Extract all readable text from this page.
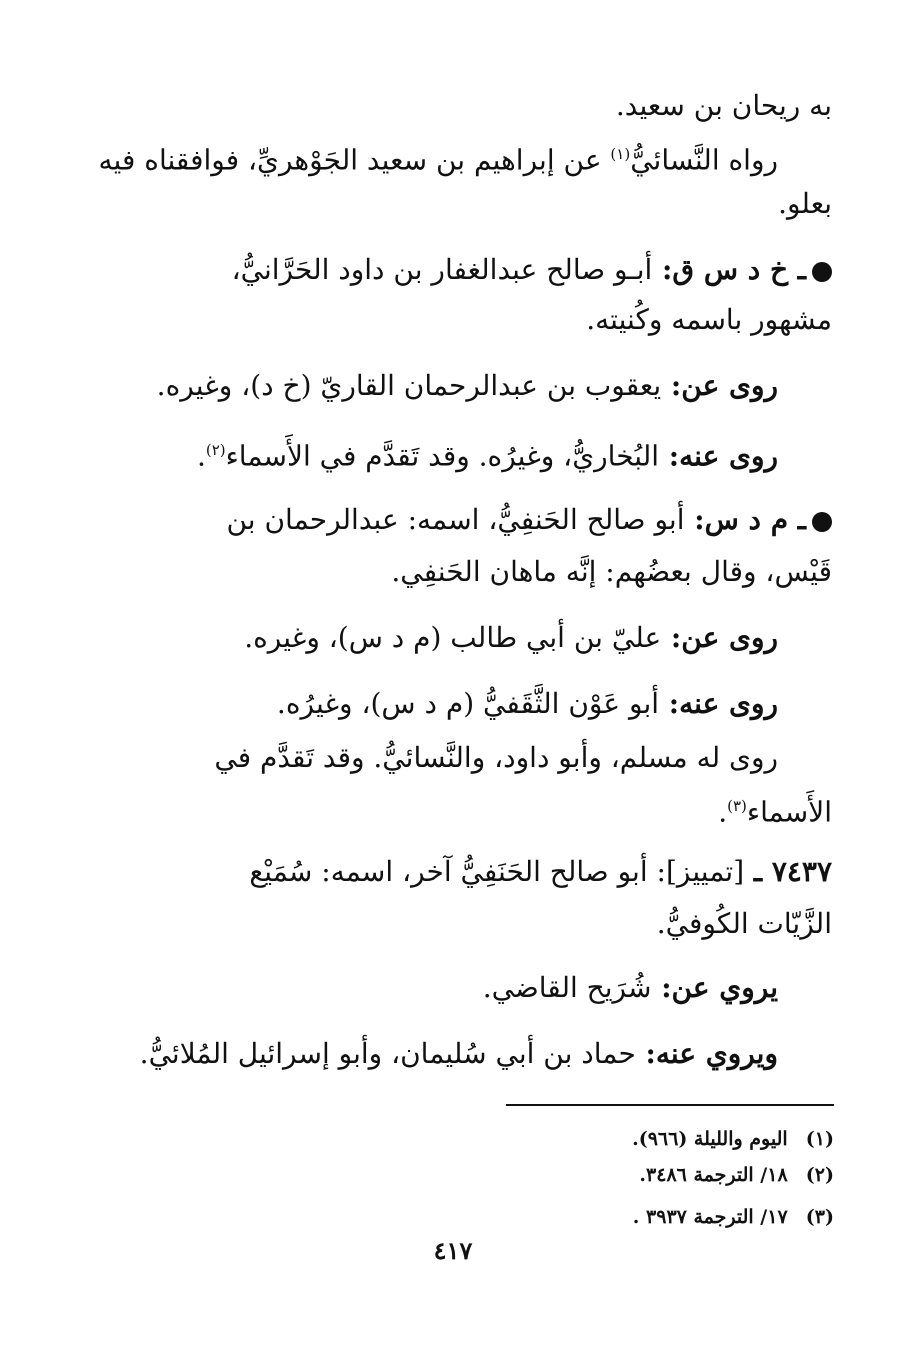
به ريحان بن سعيد.
رواه النَّسائيُّ$^{(١)}$ عن إبراهيم بن سعيد الجَوْهريِّ، فوافقناه فيه
بعلو.
ـ خ د س ق: أبـو صالح عبدالغفار بن داود الحَرَّانيُّ،
مشهور باسمه وكُنيته.
روى عن: يعقوب بن عبدالرحمان القاريّ (خ د)، وغيره.
روى عنه: البُخاريُّ، وغيرُه. وقد تَقدَّم في الأَسماء$^{(٢)}$.
ـ م د س: أبو صالح الحَنفِيُّ، اسمه: عبدالرحمان بن
قَيْس، وقال بعضُهم: إنَّه ماهان الحَنفِي.
روى عن: عليّ بن أبي طالب (م د س)، وغيره.
روى عنه: أبو عَوْن الثَّقَفيُّ (م د س)، وغيرُه.
روى له مسلم، وأبو داود، والنَّسائيُّ. وقد تَقدَّم في
الأَسماء$^{(٣)}$.
٧٤٣٧ ـ [تمييز]: أبو صالح الحَنَفِيُّ آخر، اسمه: سُمَيْع
الزَّيّات الكُوفيُّ.
يروي عن: شُرَيح القاضي.
ويروي عنه: حماد بن أبي سُليمان، وأبو إسرائيل المُلائيُّ.
(١)   اليوم والليلة (٩٦٦).
(٢)   ١٨/ الترجمة ٣٤٨٦.
(٣)   ١٧/ الترجمة ٣٩٣٧ .
٤١٧
